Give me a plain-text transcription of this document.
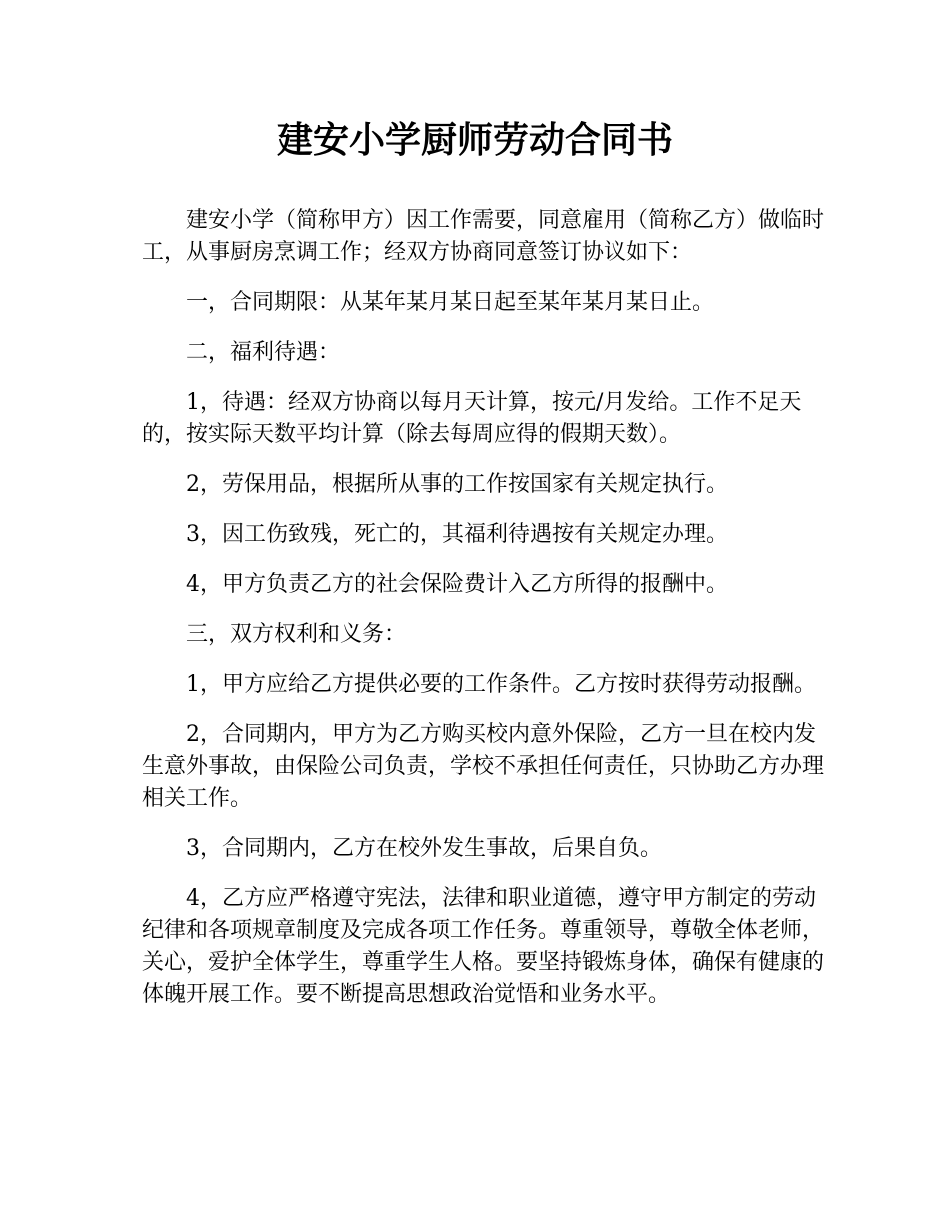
建安小学厨师劳动合同书

建安小学（简称甲方）因工作需要，同意雇用（简称乙方）做临时工，从事厨房烹调工作；经双方协商同意签订协议如下：

一，合同期限：从某年某月某日起至某年某月某日止。

二，福利待遇：

1，待遇：经双方协商以每月天计算，按元/月发给。工作不足天的，按实际天数平均计算（除去每周应得的假期天数）。

2，劳保用品，根据所从事的工作按国家有关规定执行。

3，因工伤致残，死亡的，其福利待遇按有关规定办理。

4，甲方负责乙方的社会保险费计入乙方所得的报酬中。

三，双方权利和义务：

1，甲方应给乙方提供必要的工作条件。乙方按时获得劳动报酬。

2，合同期内，甲方为乙方购买校内意外保险，乙方一旦在校内发生意外事故，由保险公司负责，学校不承担任何责任，只协助乙方办理相关工作。

3，合同期内，乙方在校外发生事故，后果自负。

4，乙方应严格遵守宪法，法律和职业道德，遵守甲方制定的劳动纪律和各项规章制度及完成各项工作任务。尊重领导，尊敬全体老师，关心，爱护全体学生，尊重学生人格。要坚持锻炼身体，确保有健康的体魄开展工作。要不断提高思想政治觉悟和业务水平。
